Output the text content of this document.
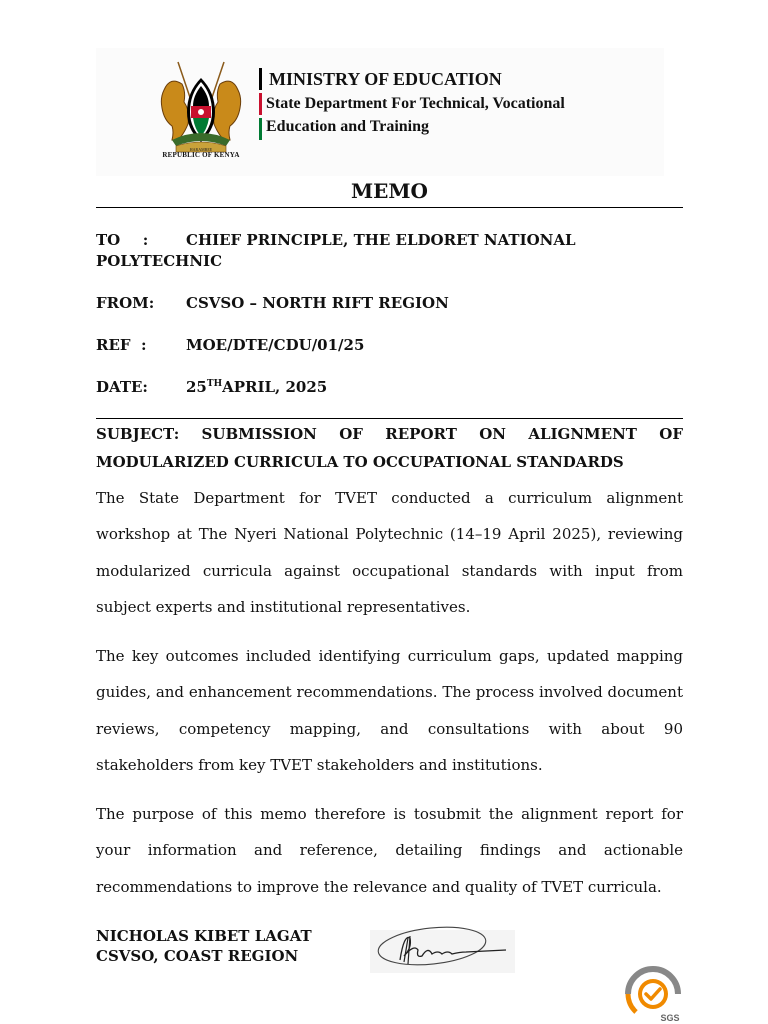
HARAMBEE
REPUBLIC OF KENYA
MINISTRY OF EDUCATION
State Department For Technical, Vocational
Education and Training
MEMO
TO  :	CHIEF PRINCIPLE, THE ELDORET NATIONAL
POLYTECHNIC
FROM: CSVSO – NORTH RIFT REGION
REF  :	MOE/DTE/CDU/01/25
DATE:	25THAPRIL, 2025
SUBJECT: SUBMISSION OF REPORT ON ALIGNMENT OF MODULARIZED CURRICULA TO OCCUPATIONAL STANDARDS

The State Department for TVET conducted a curriculum alignment workshop at The Nyeri National Polytechnic (14–19 April 2025), reviewing modularized curricula against occupational standards with input from subject experts and institutional representatives.

The key outcomes included identifying curriculum gaps, updated mapping guides, and enhancement recommendations. The process involved document reviews, competency mapping, and consultations with about 90 stakeholders from key TVET stakeholders and institutions.

The purpose of this memo therefore is tosubmit the alignment report for your information and reference, detailing findings and actionable recommendations to improve the relevance and quality of TVET curricula.

NICHOLAS KIBET LAGAT
CSVSO, COAST REGION
SGS
